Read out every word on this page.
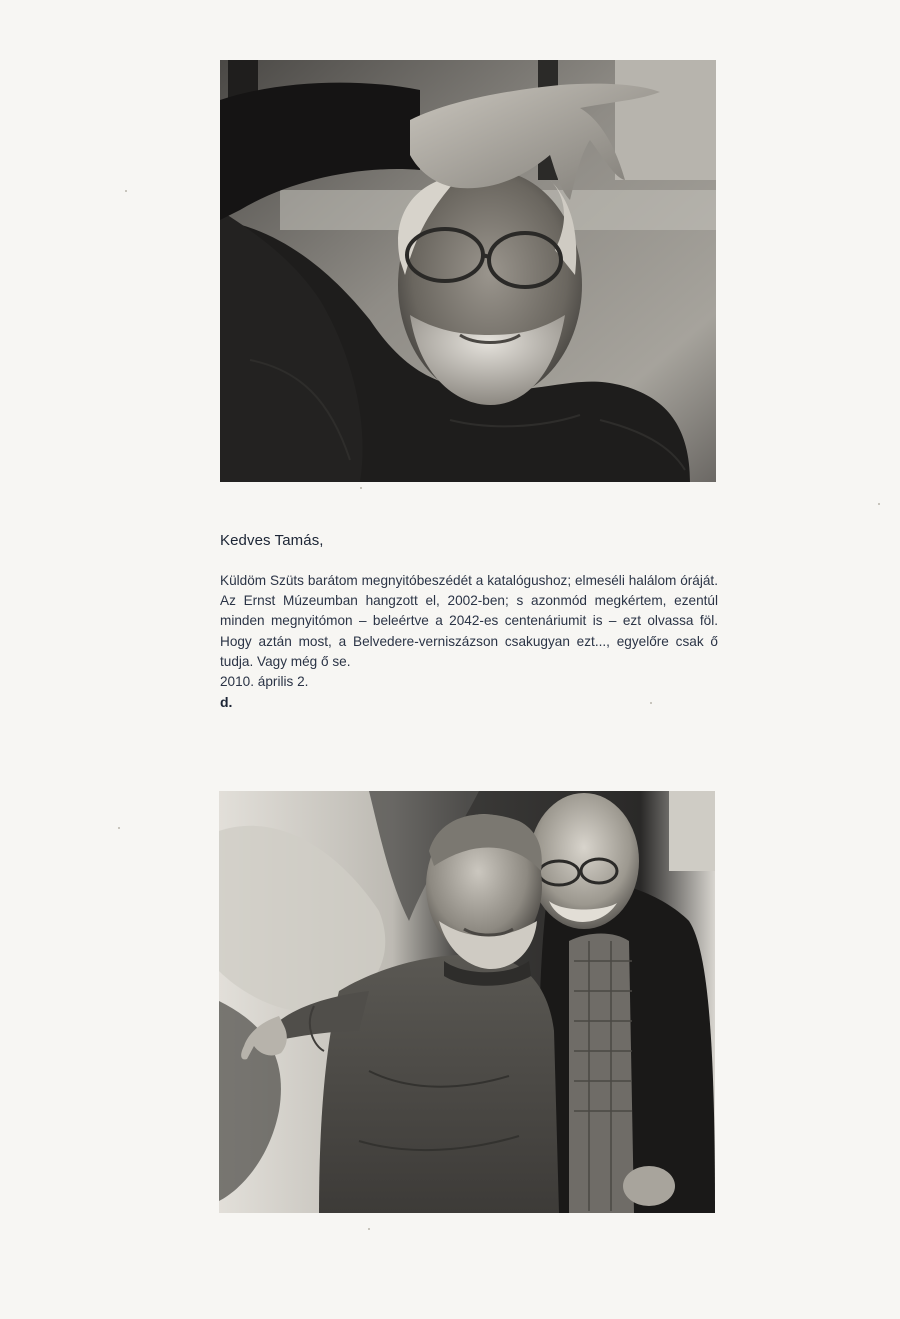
Kedves Tamás,

Küldöm Szüts barátom megnyitóbeszédét a katalógushoz; elmeséli halálom óráját. Az Ernst Múzeumban hangzott el, 2002-ben; s azonmód megkértem, ezentúl minden megnyitómon – beleértve a 2042-es centenáriumit is – ezt olvassa föl. Hogy aztán most, a Belvedere-verniszázson csakugyan ezt..., egyelőre csak ő tudja. Vagy még ő se.

2010. április 2.

d.
